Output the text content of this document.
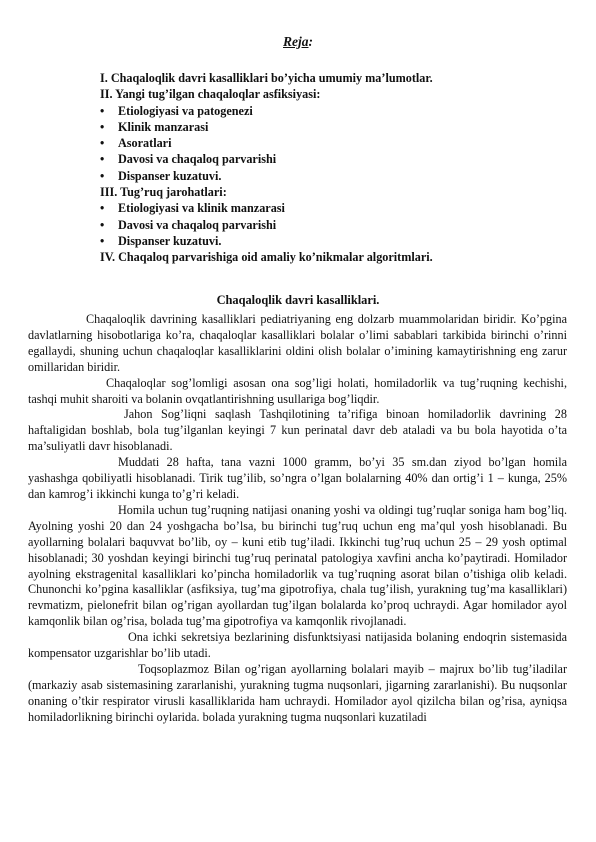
Reja:
I. Chaqaloqlik davri kasalliklari bo’yicha umumiy ma’lumotlar.
II. Yangi tug’ilgan chaqaloqlar asfiksiyasi:
• Etiologiyasi va patogenezi
• Klinik manzarasi
• Asoratlari
• Davosi va chaqaloq parvarishi
• Dispanser kuzatuvi.
III. Tug’ruq jarohatlari:
• Etiologiyasi va klinik manzarasi
• Davosi va chaqaloq parvarishi
• Dispanser kuzatuvi.
IV. Chaqaloq parvarishiga oid amaliy ko’nikmalar algoritmlari.
Chaqaloqlik davri kasalliklari.

Chaqaloqlik davrining kasalliklari pediatriyaning eng dolzarb muammolaridan biridir. Ko’pgina davlatlarning hisobotlariga ko’ra, chaqaloqlar kasalliklari bolalar o’limi sabablari tarkibida birinchi o’rinni egallaydi, shuning uchun chaqaloqlar kasalliklarini oldini olish bolalar o’imining kamaytirishning eng zarur omillaridan biridir.

Chaqaloqlar sog’lomligi asosan ona sog’ligi holati, homiladorlik va tug’ruqning kechishi, tashqi muhit sharoiti va bolanin ovqatlantirishning usullariga bog’liqdir.

Jahon Sog’liqni saqlash Tashqilotining ta’rifiga binoan homiladorlik davrining 28 haftaligidan boshlab, bola tug’ilganlan keyingi 7 kun perinatal davr deb ataladi va bu bola hayotida o’ta ma’suliyatli davr hisoblanadi.

Muddati 28 hafta, tana vazni 1000 gramm, bo’yi 35 sm.dan ziyod bo’lgan homila yashashga qobiliyatli hisoblanadi. Tirik tug’ilib, so’ngra o’lgan bolalarning 40% dan ortig’i 1 – kunga, 25% dan kamrog’i ikkinchi kunga to’g’ri keladi.

Homila uchun tug’ruqning natijasi onaning yoshi va oldingi tug’ruqlar soniga ham bog’liq. Ayolning yoshi 20 dan 24 yoshgacha bo’lsa, bu birinchi tug’ruq uchun eng ma’qul yosh hisoblanadi. Bu ayollarning bolalari baquvvat bo’lib, oy – kuni etib tug’iladi. Ikkinchi tug’ruq uchun 25 – 29 yosh optimal hisoblanadi; 30 yoshdan keyingi birinchi tug’ruq perinatal patologiya xavfini ancha ko’paytiradi. Homilador ayolning ekstragenital kasalliklari ko’pincha homiladorlik va tug’ruqning asorat bilan o’tishiga olib keladi. Chunonchi ko’pgina kasalliklar (asfiksiya, tug’ma gipotrofiya, chala tug’ilish, yurakning tug’ma kasalliklari) revmatizm, pielonefrit bilan og’rigan ayollardan tug’ilgan bolalarda ko’proq uchraydi. Agar homilador ayol kamqonlik bilan og’risa, bolada tug’ma gipotrofiya va kamqonlik rivojlanadi.

Ona ichki sekretsiya bezlarining disfunktsiyasi natijasida bolaning endoqrin sistemasida kompensator uzgarishlar bo’lib utadi.

Toqsoplazmoz Bilan og’rigan ayollarning bolalari mayib – majrux bo’lib tug’iladilar (markaziy asab sistemasining zararlanishi, yurakning tugma nuqsonlari, jigarning zararlanishi). Bu nuqsonlar onaning o’tkir respirator virusli kasalliklarida ham uchraydi. Homilador ayol qizilcha bilan og’risa, ayniqsa homiladorlikning birinchi oylarida. bolada yurakning tugma nuqsonlari kuzatiladi
